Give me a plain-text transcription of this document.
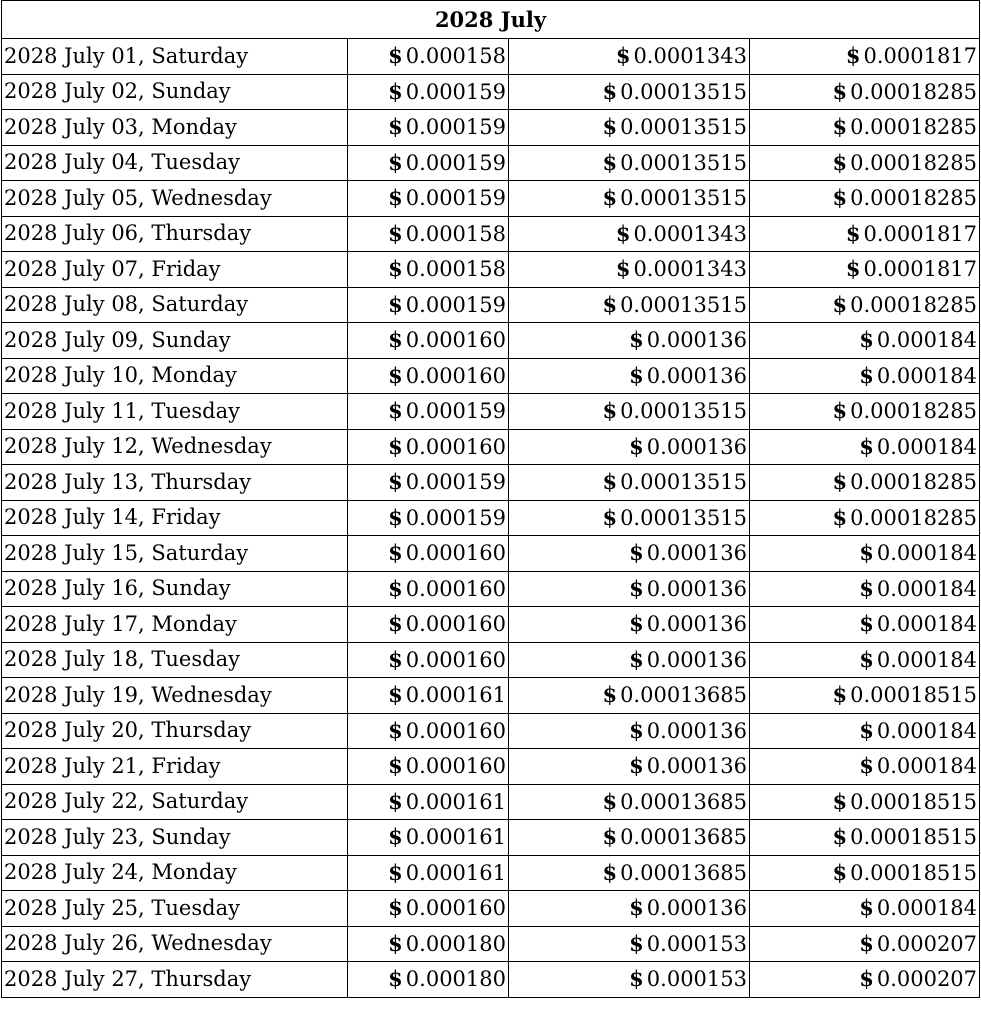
2028 July			
2028 July 01, Saturday	$ 0.000158	$ 0.0001343	$ 0.0001817
2028 July 02, Sunday	$ 0.000159	$ 0.00013515	$ 0.00018285
2028 July 03, Monday	$ 0.000159	$ 0.00013515	$ 0.00018285
2028 July 04, Tuesday	$ 0.000159	$ 0.00013515	$ 0.00018285
2028 July 05, Wednesday	$ 0.000159	$ 0.00013515	$ 0.00018285
2028 July 06, Thursday	$ 0.000158	$ 0.0001343	$ 0.0001817
2028 July 07, Friday	$ 0.000158	$ 0.0001343	$ 0.0001817
2028 July 08, Saturday	$ 0.000159	$ 0.00013515	$ 0.00018285
2028 July 09, Sunday	$ 0.000160	$ 0.000136	$ 0.000184
2028 July 10, Monday	$ 0.000160	$ 0.000136	$ 0.000184
2028 July 11, Tuesday	$ 0.000159	$ 0.00013515	$ 0.00018285
2028 July 12, Wednesday	$ 0.000160	$ 0.000136	$ 0.000184
2028 July 13, Thursday	$ 0.000159	$ 0.00013515	$ 0.00018285
2028 July 14, Friday	$ 0.000159	$ 0.00013515	$ 0.00018285
2028 July 15, Saturday	$ 0.000160	$ 0.000136	$ 0.000184
2028 July 16, Sunday	$ 0.000160	$ 0.000136	$ 0.000184
2028 July 17, Monday	$ 0.000160	$ 0.000136	$ 0.000184
2028 July 18, Tuesday	$ 0.000160	$ 0.000136	$ 0.000184
2028 July 19, Wednesday	$ 0.000161	$ 0.00013685	$ 0.00018515
2028 July 20, Thursday	$ 0.000160	$ 0.000136	$ 0.000184
2028 July 21, Friday	$ 0.000160	$ 0.000136	$ 0.000184
2028 July 22, Saturday	$ 0.000161	$ 0.00013685	$ 0.00018515
2028 July 23, Sunday	$ 0.000161	$ 0.00013685	$ 0.00018515
2028 July 24, Monday	$ 0.000161	$ 0.00013685	$ 0.00018515
2028 July 25, Tuesday	$ 0.000160	$ 0.000136	$ 0.000184
2028 July 26, Wednesday	$ 0.000180	$ 0.000153	$ 0.000207
2028 July 27, Thursday	$ 0.000180	$ 0.000153	$ 0.000207
